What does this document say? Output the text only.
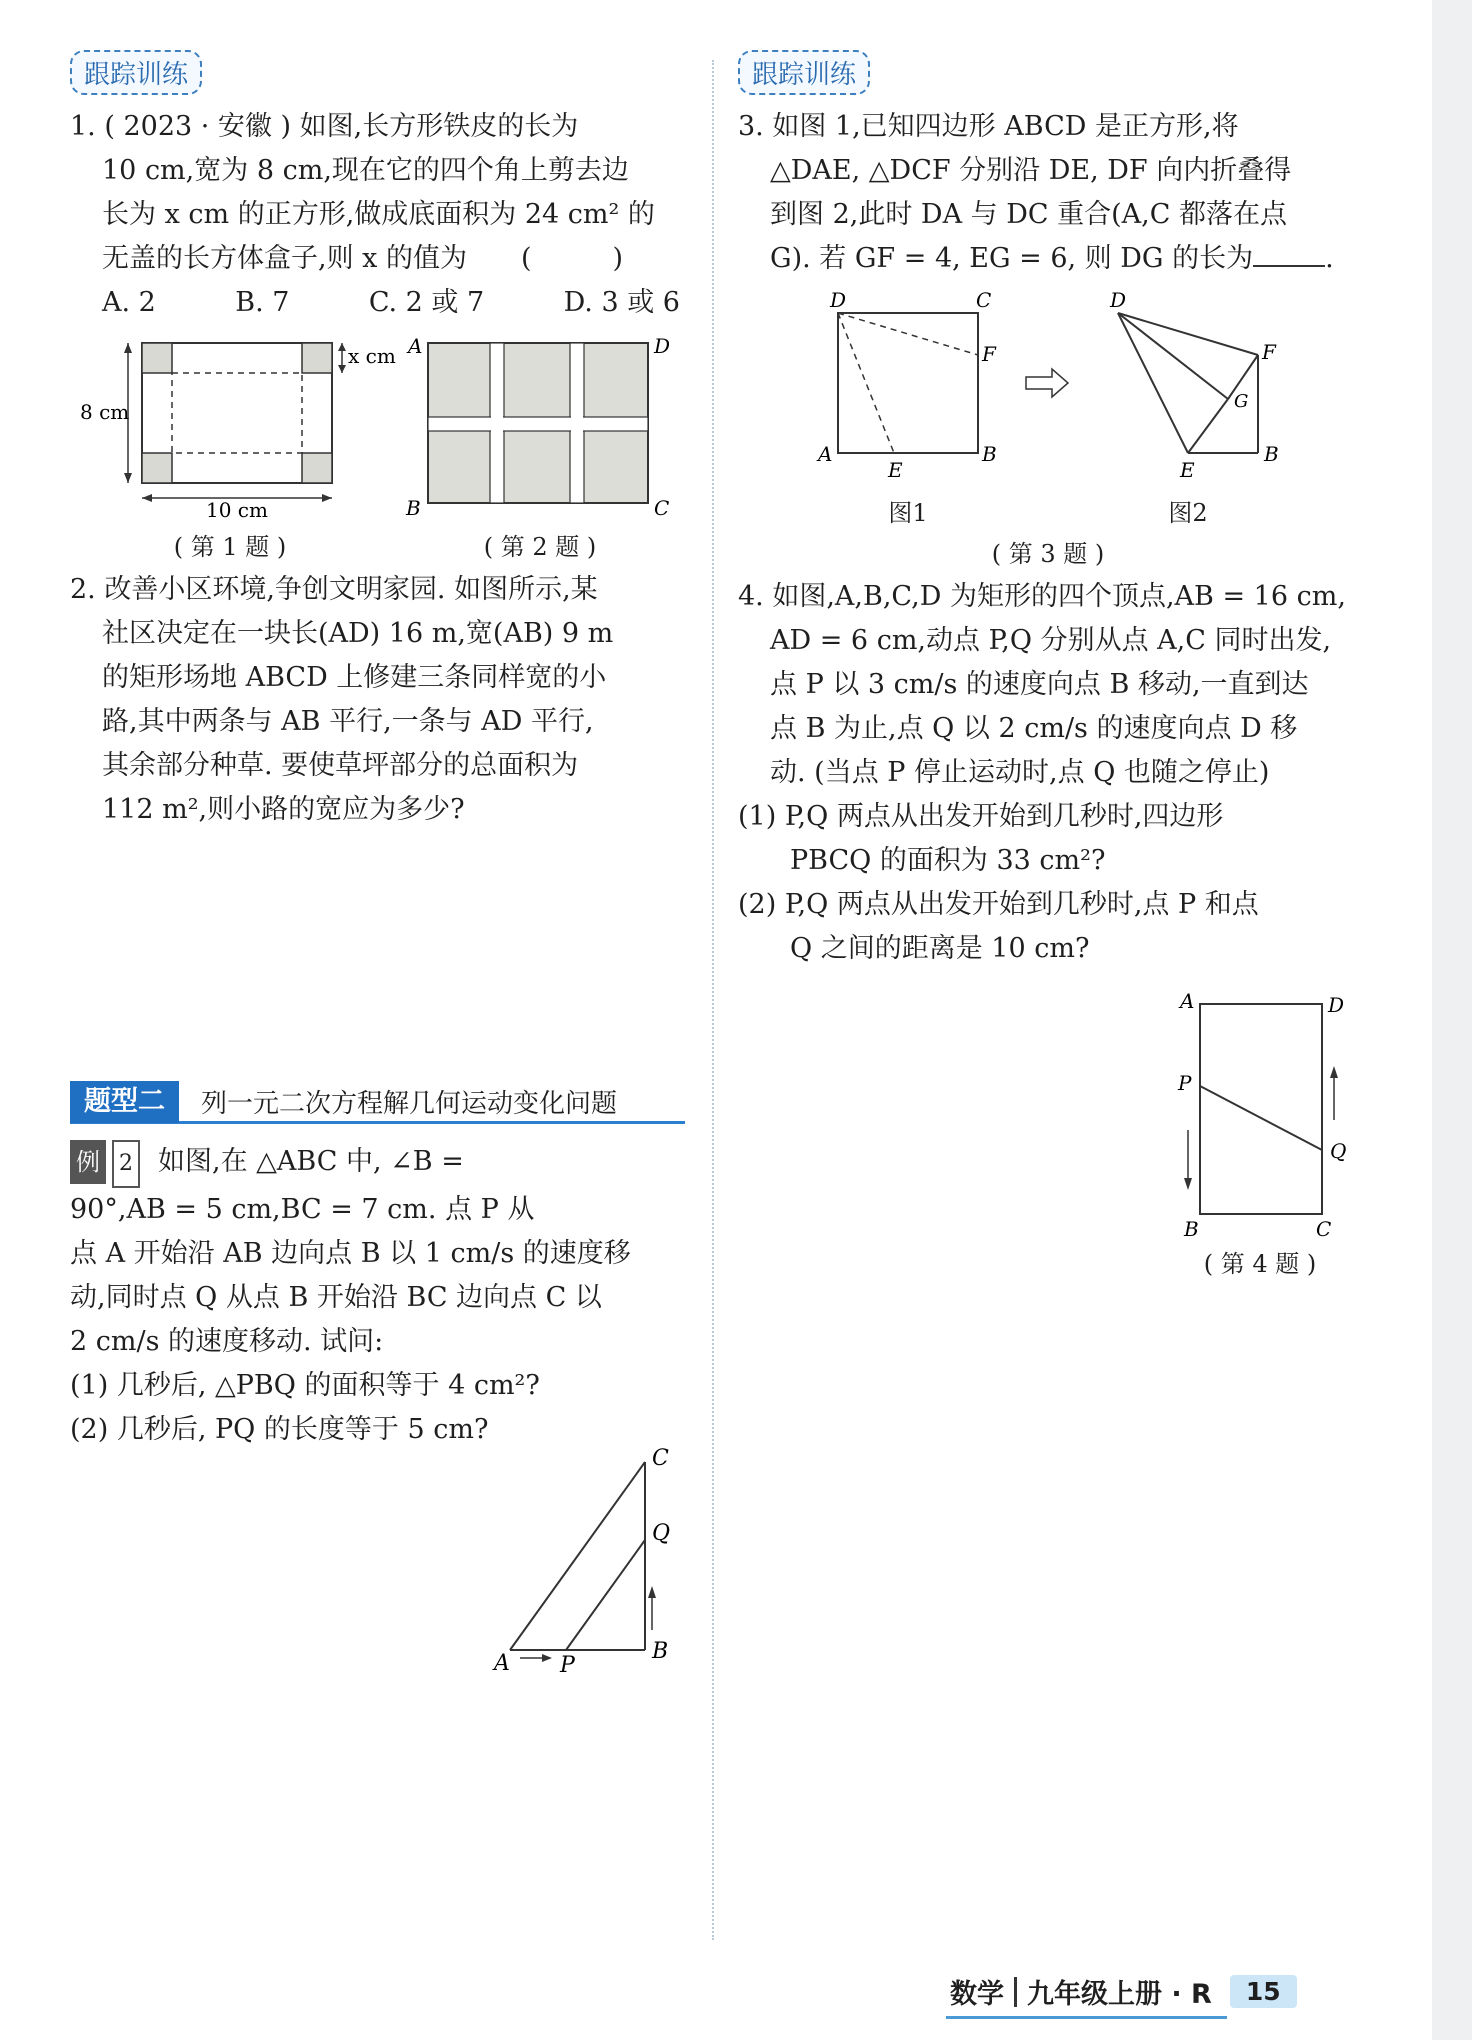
跟踪训练
1. ( 2023 · 安徽 ) 如图,长方形铁皮的长为
10 cm,宽为 8 cm,现在它的四个角上剪去边
长为 x cm 的正方形,做成底面积为 24 cm² 的
无盖的长方体盒子,则 x 的值为　　(　　　)
A. 2	B. 7	C. 2 或 7	D. 3 或 6
x cm
8 cm
10 cm
( 第 1 题 )
A	D
B	C
( 第 2 题 )
2. 改善小区环境,争创文明家园. 如图所示,某
社区决定在一块长(AD) 16 m,宽(AB) 9 m
的矩形场地 ABCD 上修建三条同样宽的小
路,其中两条与 AB 平行,一条与 AD 平行,
其余部分种草. 要使草坪部分的总面积为
112 m²,则小路的宽应为多少?
题型二	列一元二次方程解几何运动变化问题
例 2 如图,在 △ABC 中, ∠B =
90°,AB = 5 cm,BC = 7 cm. 点 P 从
点 A 开始沿 AB 边向点 B 以 1 cm/s 的速度移
动,同时点 Q 从点 B 开始沿 BC 边向点 C 以
2 cm/s 的速度移动. 试问:
(1) 几秒后, △PBQ 的面积等于 4 cm²?
(2) 几秒后, PQ 的长度等于 5 cm?
C
Q
B
A P
跟踪训练
3. 如图 1,已知四边形 ABCD 是正方形,将
△DAE, △DCF 分别沿 DE, DF 向内折叠得
到图 2,此时 DA 与 DC 重合(A,C 都落在点
G). 若 GF = 4, EG = 6, 则 DG 的长为	.
D	C
F
A
E
B
图1
D
F
G
E
B
图2
( 第 3 题 )
4. 如图,A,B,C,D 为矩形的四个顶点,AB = 16 cm,
AD = 6 cm,动点 P,Q 分别从点 A,C 同时出发,
点 P 以 3 cm/s 的速度向点 B 移动,一直到达
点 B 为止,点 Q 以 2 cm/s 的速度向点 D 移
动. (当点 P 停止运动时,点 Q 也随之停止)
(1) P,Q 两点从出发开始到几秒时,四边形
PBCQ 的面积为 33 cm²?
(2) P,Q 两点从出发开始到几秒时,点 P 和点
Q 之间的距离是 10 cm?
A	D
P
Q
B	C
( 第 4 题 )
数学 九年级上册 · R	15
